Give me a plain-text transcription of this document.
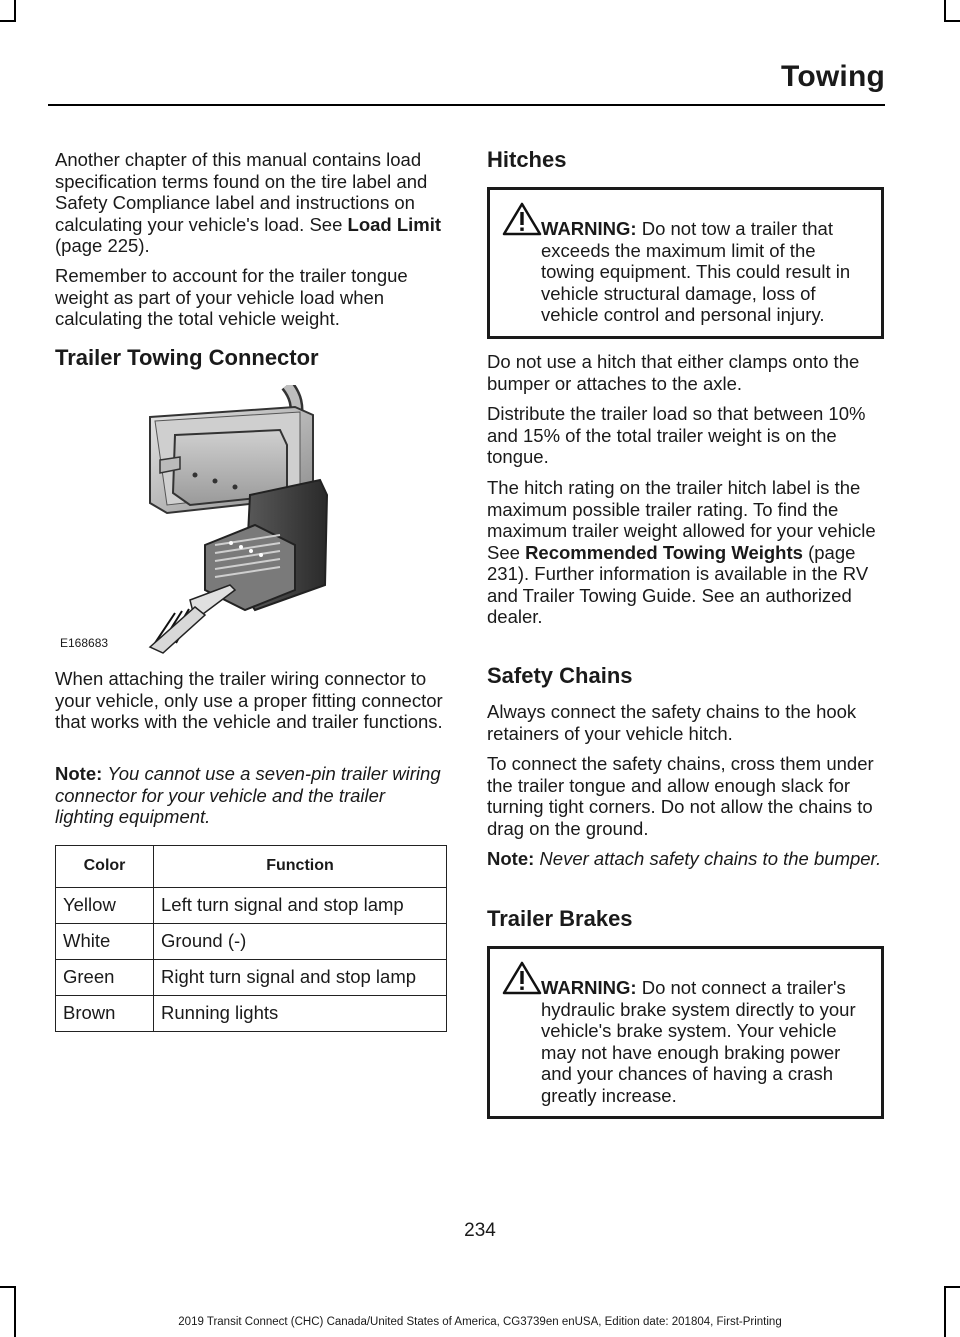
Towing

Another chapter of this manual contains load specification terms found on the tire label and Safety Compliance label and instructions on calculating your vehicle's load. See Load Limit (page 225).

Remember to account for the trailer tongue weight as part of your vehicle load when calculating the total vehicle weight.

Trailer Towing Connector
E168683

When attaching the trailer wiring connector to your vehicle, only use a proper fitting connector that works with the vehicle and trailer functions.

Note: You cannot use a seven-pin trailer wiring connector for your vehicle and the trailer lighting equipment.

Color	Function
Yellow	Left turn signal and stop lamp
White	Ground (-)
Green	Right turn signal and stop lamp
Brown	Running lights
Hitches
WARNING: Do not tow a trailer that exceeds the maximum limit of the towing equipment. This could result in vehicle structural damage, loss of vehicle control and personal injury.

Do not use a hitch that either clamps onto the bumper or attaches to the axle.

Distribute the trailer load so that between 10% and 15% of the total trailer weight is on the tongue.

The hitch rating on the trailer hitch label is the maximum possible trailer rating. To find the maximum trailer weight allowed for your vehicle See Recommended Towing Weights (page 231). Further information is available in the RV and Trailer Towing Guide. See an authorized dealer.

Safety Chains

Always connect the safety chains to the hook retainers of your vehicle hitch.

To connect the safety chains, cross them under the trailer tongue and allow enough slack for turning tight corners. Do not allow the chains to drag on the ground.

Note: Never attach safety chains to the bumper.

Trailer Brakes
WARNING: Do not connect a trailer's hydraulic brake system directly to your vehicle's brake system. Your vehicle may not have enough braking power and your chances of having a crash greatly increase.
234
2019 Transit Connect (CHC) Canada/United States of America, CG3739en enUSA, Edition date: 201804, First-Printing
